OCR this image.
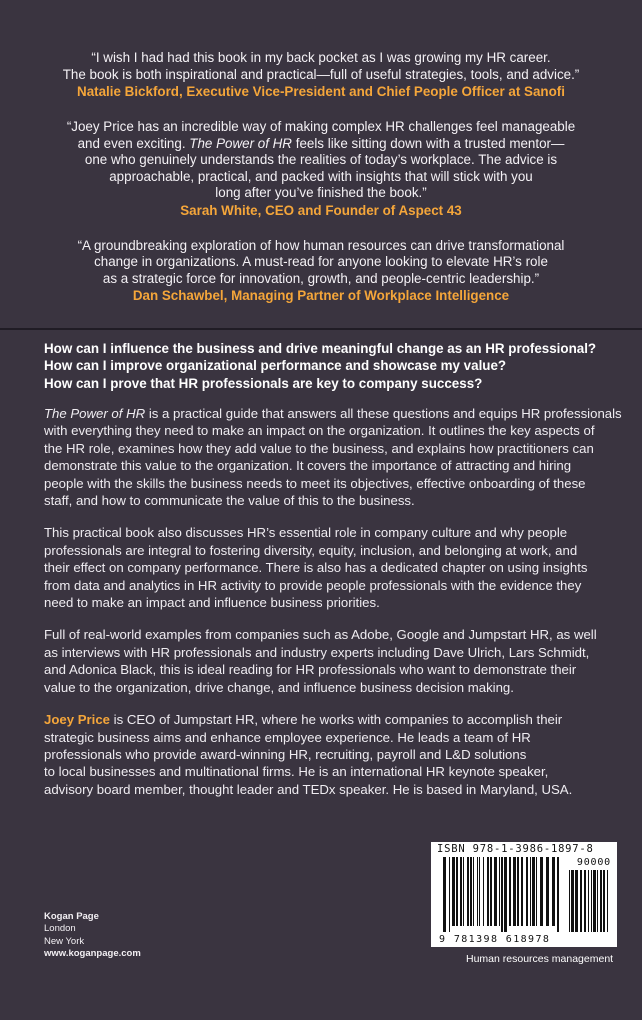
“I wish I had had this book in my back pocket as I was growing my HR career.
The book is both inspirational and practical—full of useful strategies, tools, and advice.”
Natalie Bickford, Executive Vice-President and Chief People Officer at Sanofi
“Joey Price has an incredible way of making complex HR challenges feel manageable
and even exciting. The Power of HR feels like sitting down with a trusted mentor—
one who genuinely understands the realities of today’s workplace. The advice is
approachable, practical, and packed with insights that will stick with you
long after you’ve finished the book.”
Sarah White, CEO and Founder of Aspect 43
“A groundbreaking exploration of how human resources can drive transformational
change in organizations. A must-read for anyone looking to elevate HR’s role
as a strategic force for innovation, growth, and people-centric leadership.”
Dan Schawbel, Managing Partner of Workplace Intelligence
How can I influence the business and drive meaningful change as an HR professional?
How can I improve organizational performance and showcase my value?
How can I prove that HR professionals are key to company success?
The Power of HR is a practical guide that answers all these questions and equips HR professionals
with everything they need to make an impact on the organization. It outlines the key aspects of
the HR role, examines how they add value to the business, and explains how practitioners can
demonstrate this value to the organization. It covers the importance of attracting and hiring
people with the skills the business needs to meet its objectives, effective onboarding of these
staff, and how to communicate the value of this to the business.
This practical book also discusses HR’s essential role in company culture and why people
professionals are integral to fostering diversity, equity, inclusion, and belonging at work, and
their effect on company performance. There is also has a dedicated chapter on using insights
from data and analytics in HR activity to provide people professionals with the evidence they
need to make an impact and influence business priorities.
Full of real-world examples from companies such as Adobe, Google and Jumpstart HR, as well
as interviews with HR professionals and industry experts including Dave Ulrich, Lars Schmidt,
and Adonica Black, this is ideal reading for HR professionals who want to demonstrate their
value to the organization, drive change, and influence business decision making.
Joey Price is CEO of Jumpstart HR, where he works with companies to accomplish their
strategic business aims and enhance employee experience. He leads a team of HR
professionals who provide award-winning HR, recruiting, payroll and L&D solutions
to local businesses and multinational firms. He is an international HR keynote speaker,
advisory board member, thought leader and TEDx speaker. He is based in Maryland, USA.
Kogan Page
London
New York
www.koganpage.com
ISBN 978-1-3986-1897-8
90000
9 781398 618978
Human resources management
